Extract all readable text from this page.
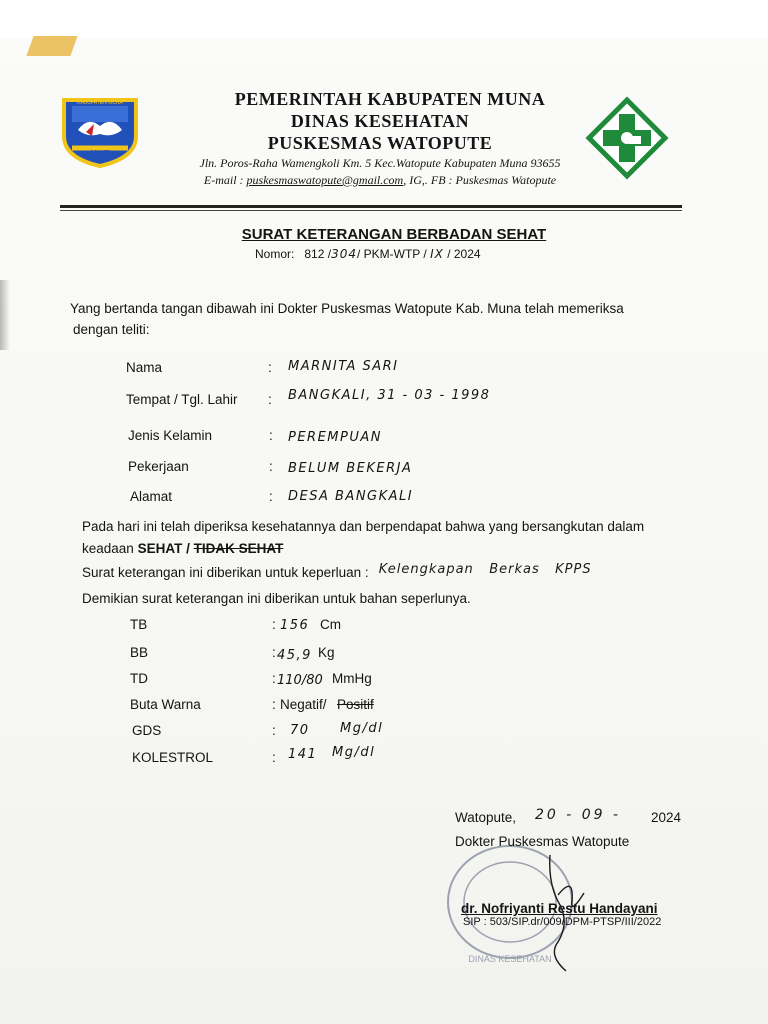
KABUPATEN MUNA
SOWITE
PEMERINTAH KABUPATEN MUNA
DINAS KESEHATAN
PUSKESMAS WATOPUTE
Jln. Poros-Raha Wamengkoli Km. 5 Kec.Watopute Kabupaten Muna 93655
E-mail : puskesmaswatopute@gmail.com, IG,. FB : Puskesmas Watopute
SURAT KETERANGAN BERBADAN SEHAT
Nomor: 812 /304/ PKM-WTP / IX / 2024
Yang bertanda tangan dibawah ini Dokter Puskesmas Watopute Kab. Muna telah memeriksa
dengan teliti:
Nama	: MARNITA SARI
Tempat / Tgl. Lahir : BANGKALI, 31 - 03 - 1998
Jenis Kelamin	: PEREMPUAN
Pekerjaan	: BELUM BEKERJA
Alamat	: DESA BANGKALI
Pada hari ini telah diperiksa kesehatannya dan berpendapat bahwa yang bersangkutan dalam
keadaan SEHAT / TIDAK SEHAT
Surat keterangan ini diberikan untuk keperluan : Kelengkapan   Berkas   KPPS
Demikian surat keterangan ini diberikan untuk bahan seperlunya.
TB	: 156 Cm
BB	: 45,9 Kg
TD	: 110/80 MmHg
Buta Warna	: Negatif/ Positif
GDS	: 70 Mg/dl
KOLESTROL	: 141 Mg/dl
DINAS KESEHATAN
Watopute, 20 - 09 - 2024
Dokter Puskesmas Watopute
dr. Nofriyanti Restu Handayani
SIP : 503/SIP.dr/009/DPM-PTSP/III/2022
